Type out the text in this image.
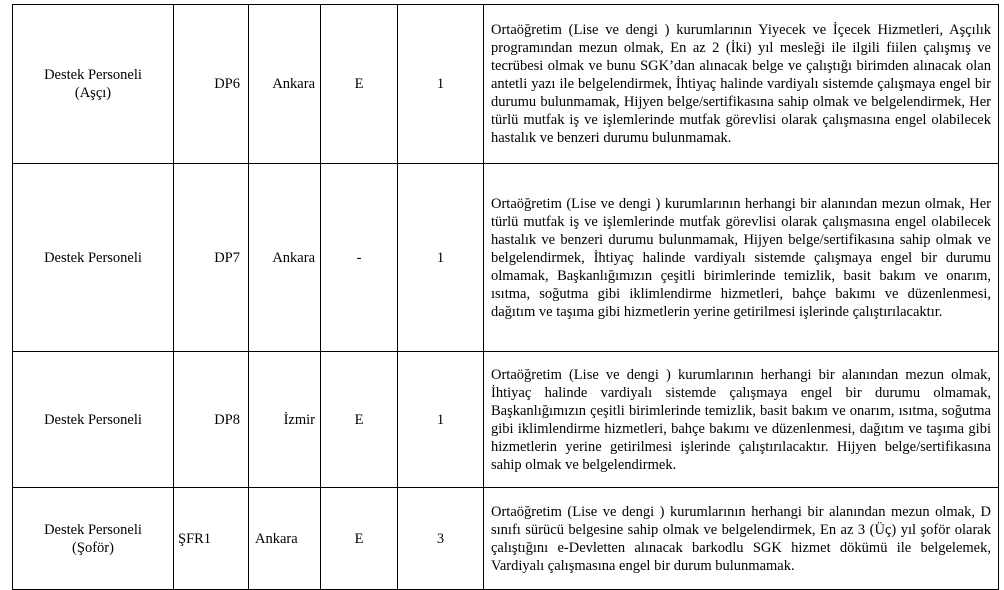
Destek Personeli
(Aşçı)	DP6	Ankara	E	1	Ortaöğretim (Lise ve dengi ) kurumlarının Yiyecek ve İçecek Hizmetleri, Aşçılık programından mezun olmak, En az 2 (İki) yıl mesleği ile ilgili fiilen çalışmış ve tecrübesi olmak ve bunu SGK’dan alınacak belge ve çalıştığı birimden alınacak olan antetli yazı ile belgelendirmek, İhtiyaç halinde vardiyalı sistemde çalışmaya engel bir durumu bulunmamak, Hijyen belge/sertifikasına sahip olmak ve belgelendirmek, Her türlü mutfak iş ve işlemlerinde mutfak görevlisi olarak çalışmasına engel olabilecek hastalık ve benzeri durumu bulunmamak.

Destek Personeli	DP7	Ankara	-	1	Ortaöğretim (Lise ve dengi ) kurumlarının herhangi bir alanından mezun olmak, Her türlü mutfak iş ve işlemlerinde mutfak görevlisi olarak çalışmasına engel olabilecek hastalık ve benzeri durumu bulunmamak, Hijyen belge/sertifikasına sahip olmak ve belgelendirmek, İhtiyaç halinde vardiyalı sistemde çalışmaya engel bir durumu olmamak, Başkanlığımızın çeşitli birimlerinde temizlik, basit bakım ve onarım, ısıtma, soğutma gibi iklimlendirme hizmetleri, bahçe bakımı ve düzenlenmesi, dağıtım ve taşıma gibi hizmetlerin yerine getirilmesi işlerinde çalıştırılacaktır.

Destek Personeli	DP8	İzmir	E	1	Ortaöğretim (Lise ve dengi ) kurumlarının herhangi bir alanından mezun olmak, İhtiyaç halinde vardiyalı sistemde çalışmaya engel bir durumu olmamak, Başkanlığımızın çeşitli birimlerinde temizlik, basit bakım ve onarım, ısıtma, soğutma gibi iklimlendirme hizmetleri, bahçe bakımı ve düzenlenmesi, dağıtım ve taşıma gibi hizmetlerin yerine getirilmesi işlerinde çalıştırılacaktır. Hijyen belge/sertifikasına sahip olmak ve belgelendirmek.

Destek Personeli
(Şoför)	ŞFR1	Ankara	E	3	Ortaöğretim (Lise ve dengi ) kurumlarının herhangi bir alanından mezun olmak, D sınıfı sürücü belgesine sahip olmak ve belgelendirmek, En az 3 (Üç) yıl şoför olarak çalıştığını e-Devletten alınacak barkodlu SGK hizmet dökümü ile belgelemek, Vardiyalı çalışmasına engel bir durum bulunmamak.
